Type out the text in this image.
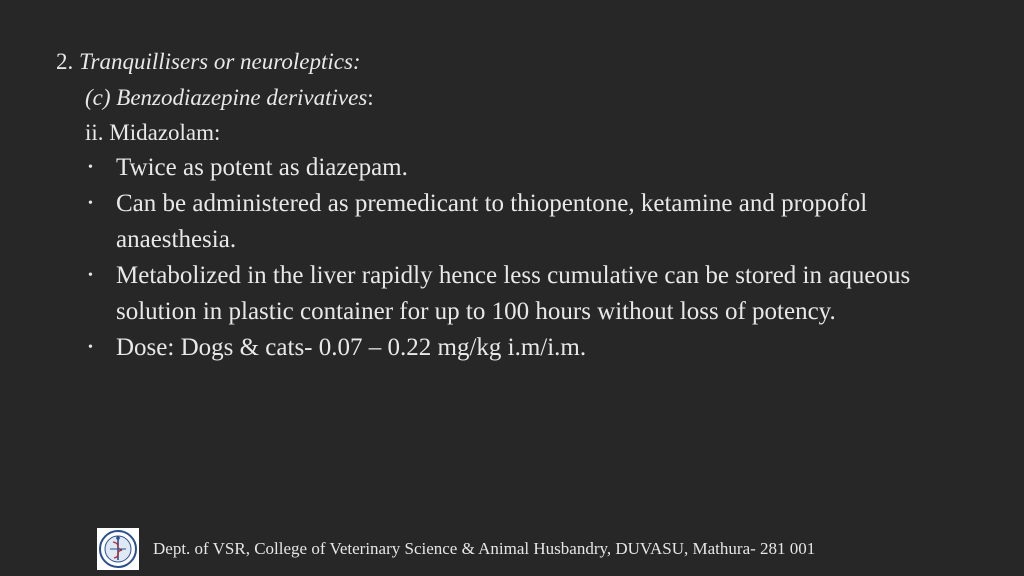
2. Tranquillisers or neuroleptics:
(c) Benzodiazepine derivatives:
ii. Midazolam:
• Twice as potent as diazepam.
• Can be administered as premedicant to thiopentone, ketamine and propofol anaesthesia.
• Metabolized in the liver rapidly hence less cumulative can be stored in aqueous solution in plastic container for up to 100 hours without loss of potency.
• Dose: Dogs & cats- 0.07 – 0.22 mg/kg i.m/i.m.
Dept. of VSR, College of Veterinary Science & Animal Husbandry, DUVASU, Mathura- 281 001
